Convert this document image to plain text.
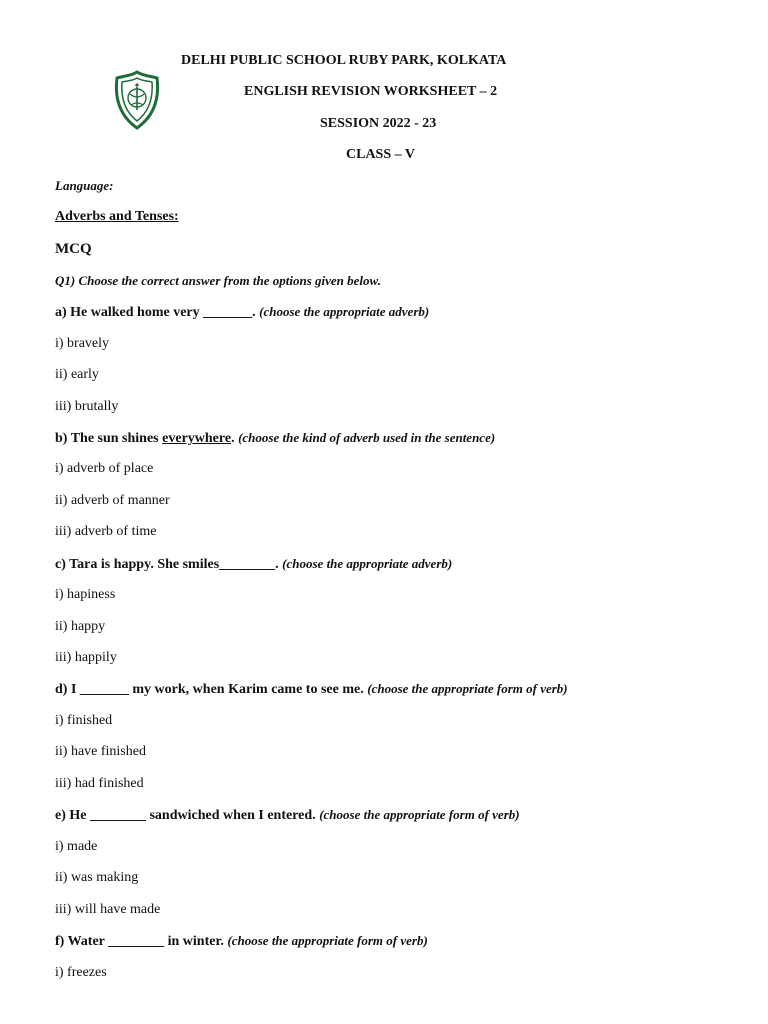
DELHI PUBLIC SCHOOL RUBY PARK, KOLKATA
ENGLISH REVISION WORKSHEET – 2
SESSION 2022 - 23
CLASS – V
Language:
Adverbs and Tenses:
MCQ
Q1) Choose the correct answer from the options given below.
a) He walked home very _______. (choose the appropriate adverb)
i) bravely
ii) early
iii) brutally
b) The sun shines everywhere. (choose the kind of adverb used in the sentence)
i) adverb of place
ii) adverb of manner
iii) adverb of time
c) Tara is happy. She smiles________. (choose the appropriate adverb)
i) hapiness
ii) happy
iii) happily
d) I _______ my work, when Karim came to see me. (choose the appropriate form of verb)
i) finished
ii) have finished
iii) had finished
e) He ________ sandwiched when I entered. (choose the appropriate form of verb)
i) made
ii) was making
iii) will have made
f) Water ________ in winter. (choose the appropriate form of verb)
i) freezes
